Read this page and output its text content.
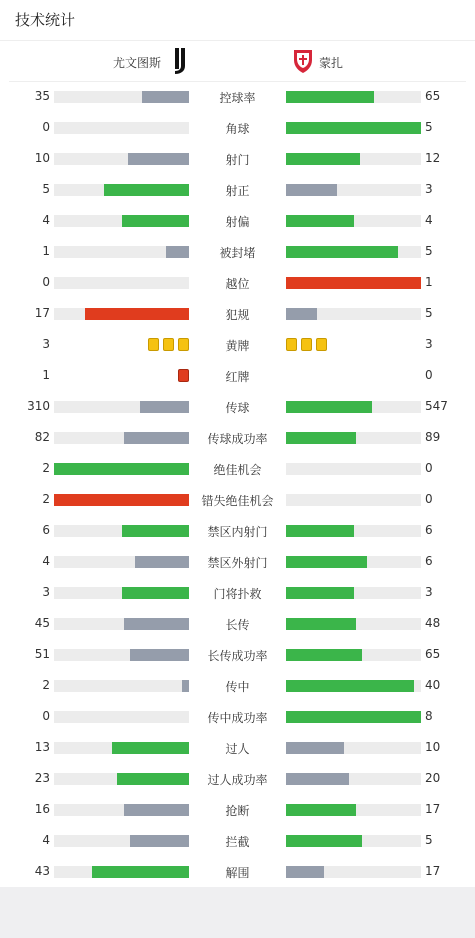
技术统计
尤文图斯	蒙扎
35	控球率	65
0	角球	5
10	射门	12
5	射正	3
4	射偏	4
1	被封堵	5
0	越位	1
17	犯规	5
3	黄牌	3
1	红牌	0
310	传球	547
82	传球成功率	89
2	绝佳机会	0
2	错失绝佳机会	0
6	禁区内射门	6
4	禁区外射门	6
3	门将扑救	3
45	长传	48
51	长传成功率	65
2	传中	40
0	传中成功率	8
13	过人	10
23	过人成功率	20
16	抢断	17
4	拦截	5
43	解围	17
